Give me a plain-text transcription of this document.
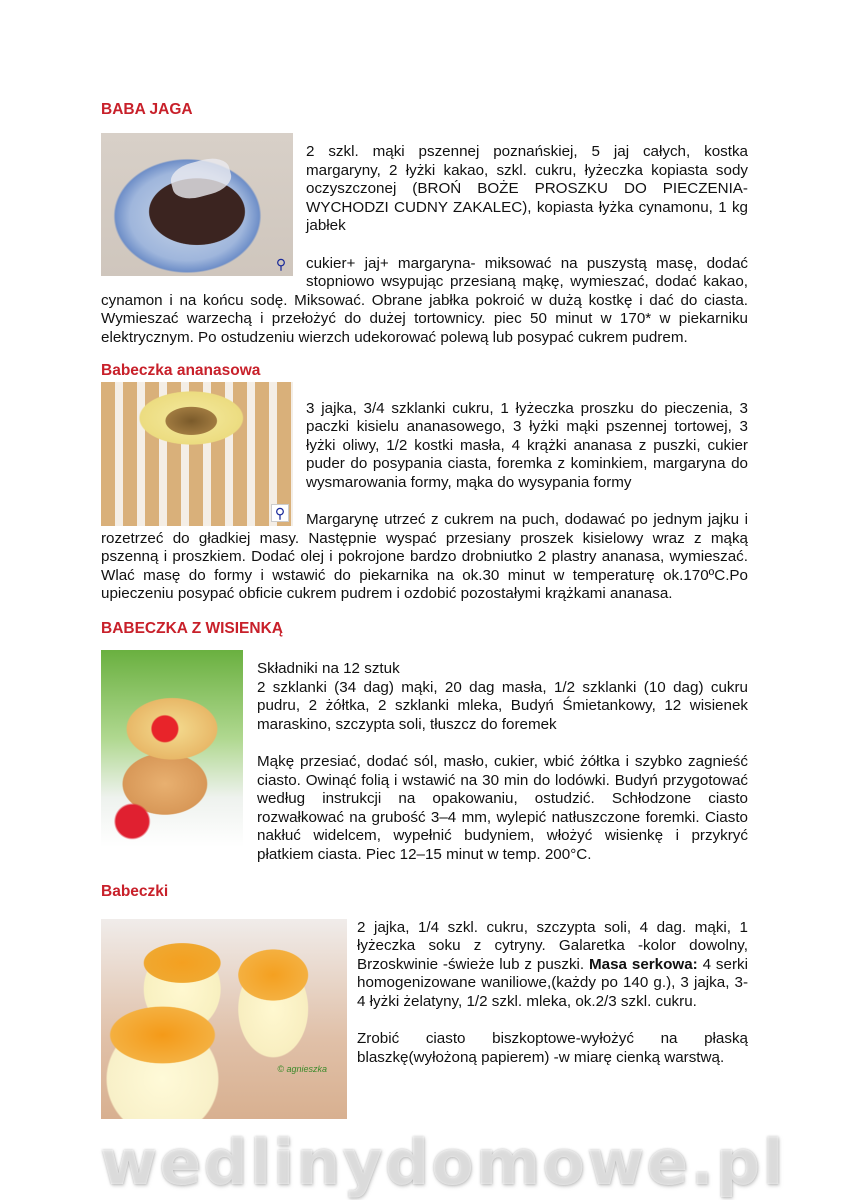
BABA JAGA
⚲

2 szkl. mąki pszennej poznańskiej, 5 jaj całych, kostka margaryny, 2 łyżki kakao, szkl. cukru, łyżeczka kopiasta sody oczyszczonej (BROŃ BOŻE PROSZKU DO PIECZENIA-WYCHODZI CUDNY ZAKALEC), kopiasta łyżka cynamonu, 1 kg jabłek

cukier+ jaj+ margaryna- miksować na puszystą masę, dodać stopniowo wsypując przesianą mąkę, wymieszać, dodać kakao, cynamon i na końcu sodę. Miksować. Obrane jabłka pokroić w dużą kostkę i dać do ciasta. Wymieszać warzechą i przełożyć do dużej tortownicy. piec 50 minut w 170* w piekarniku elektrycznym. Po ostudzeniu wierzch udekorować polewą lub posypać cukrem pudrem.

Babeczka ananasowa
⚲

3 jajka, 3/4 szklanki cukru, 1 łyżeczka proszku do pieczenia, 3 paczki kisielu ananasowego, 3 łyżki mąki pszennej tortowej, 3 łyżki oliwy, 1/2 kostki masła, 4 krążki ananasa z puszki, cukier puder do posypania ciasta, foremka z kominkiem, margaryna do wysmarowania formy, mąka do wysypania formy

Margarynę utrzeć z cukrem na puch, dodawać po jednym jajku i rozetrzeć do gładkiej masy. Następnie wyspać przesiany proszek kisielowy wraz z mąką pszenną i proszkiem. Dodać olej i pokrojone bardzo drobniutko 2 plastry ananasa, wymieszać. Wlać masę do formy i wstawić do piekarnika na ok.30 minut w temperaturę ok.170ºC.Po upieczeniu posypać obficie cukrem pudrem i ozdobić pozostałymi krążkami ananasa.

BABECZKA Z WISIENKĄ

Składniki na 12 sztuk

2 szklanki (34 dag) mąki, 20 dag masła, 1/2 szklanki (10 dag) cukru pudru, 2 żółtka, 2 szklanki mleka, Budyń Śmietankowy, 12 wisienek maraskino, szczypta soli, tłuszcz do foremek

Mąkę przesiać, dodać sól, masło, cukier, wbić żółtka i szybko zagnieść ciasto. Owinąć folią i wstawić na 30 min do lodówki. Budyń przygotować według instrukcji na opakowaniu, ostudzić. Schłodzone ciasto rozwałkować na grubość 3–4 mm, wylepić natłuszczone foremki. Ciasto nakłuć widelcem, wypełnić budyniem, włożyć wisienkę i przykryć płatkiem ciasta. Piec 12–15 minut w temp. 200°C.

Babeczki
© agnieszka

2 jajka, 1/4 szkl. cukru, szczypta soli, 4 dag. mąki, 1 łyżeczka soku z cytryny. Galaretka -kolor dowolny, Brzoskwinie -świeże lub z puszki. Masa serkowa: 4 serki homogenizowane waniliowe,(każdy po 140 g.), 3 jajka, 3-4 łyżki żelatyny, 1/2 szkl. mleka, ok.2/3 szkl. cukru.

Zrobić ciasto biszkoptowe-wyłożyć na płaską blaszkę(wyłożoną papierem) -w miarę cienką warstwą.

wedlinydomowe.pl
